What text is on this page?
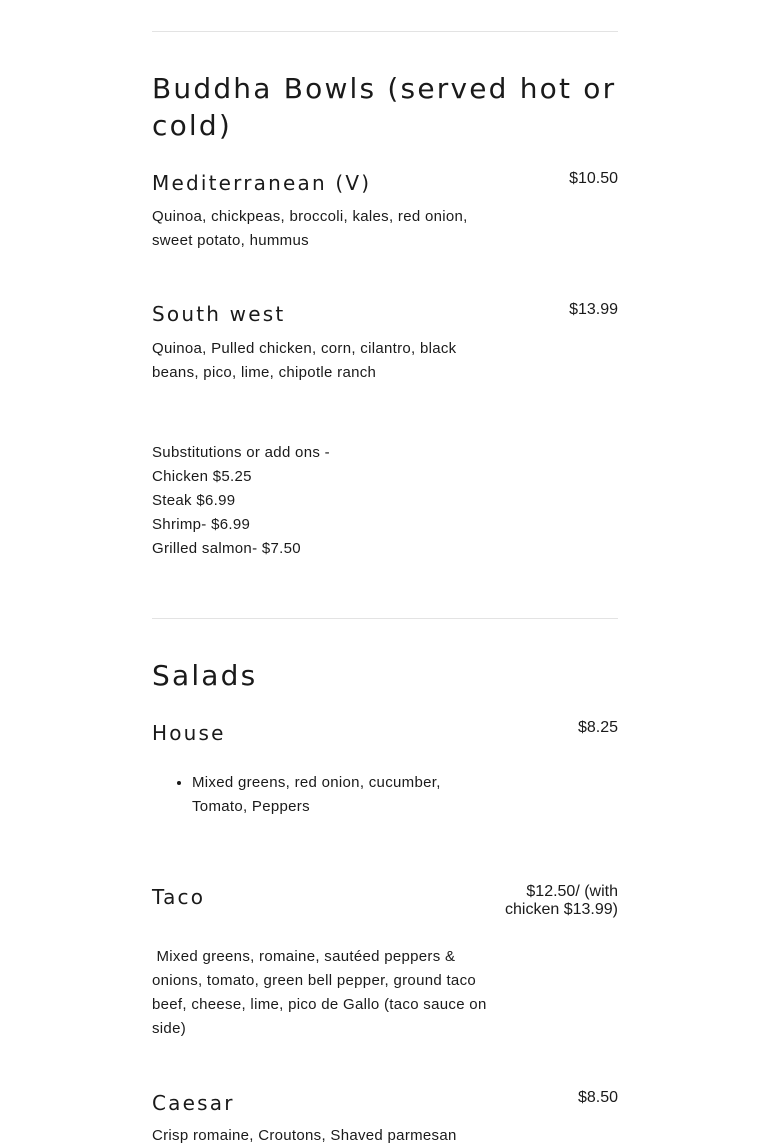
Buddha Bowls (served hot or cold)
Mediterranean (V)	$10.50

Quinoa, chickpeas, broccoli, kales, red onion, sweet potato, hummus

South west	$13.99

Quinoa, Pulled chicken, corn, cilantro, black beans, pico, lime, chipotle ranch

Substitutions or add ons -
Chicken $5.25
Steak $6.99
Shrimp- $6.99
Grilled salmon- $7.50
Salads
House	$8.25
• Mixed greens, red onion, cucumber, Tomato, Peppers
Taco	$12.50/ (with chicken $13.99)

Mixed greens, romaine, sautéed peppers & onions, tomato, green bell pepper, ground taco beef, cheese, lime, pico de Gallo (taco sauce on side)

Caesar	$8.50

Crisp romaine, Croutons, Shaved parmesan
